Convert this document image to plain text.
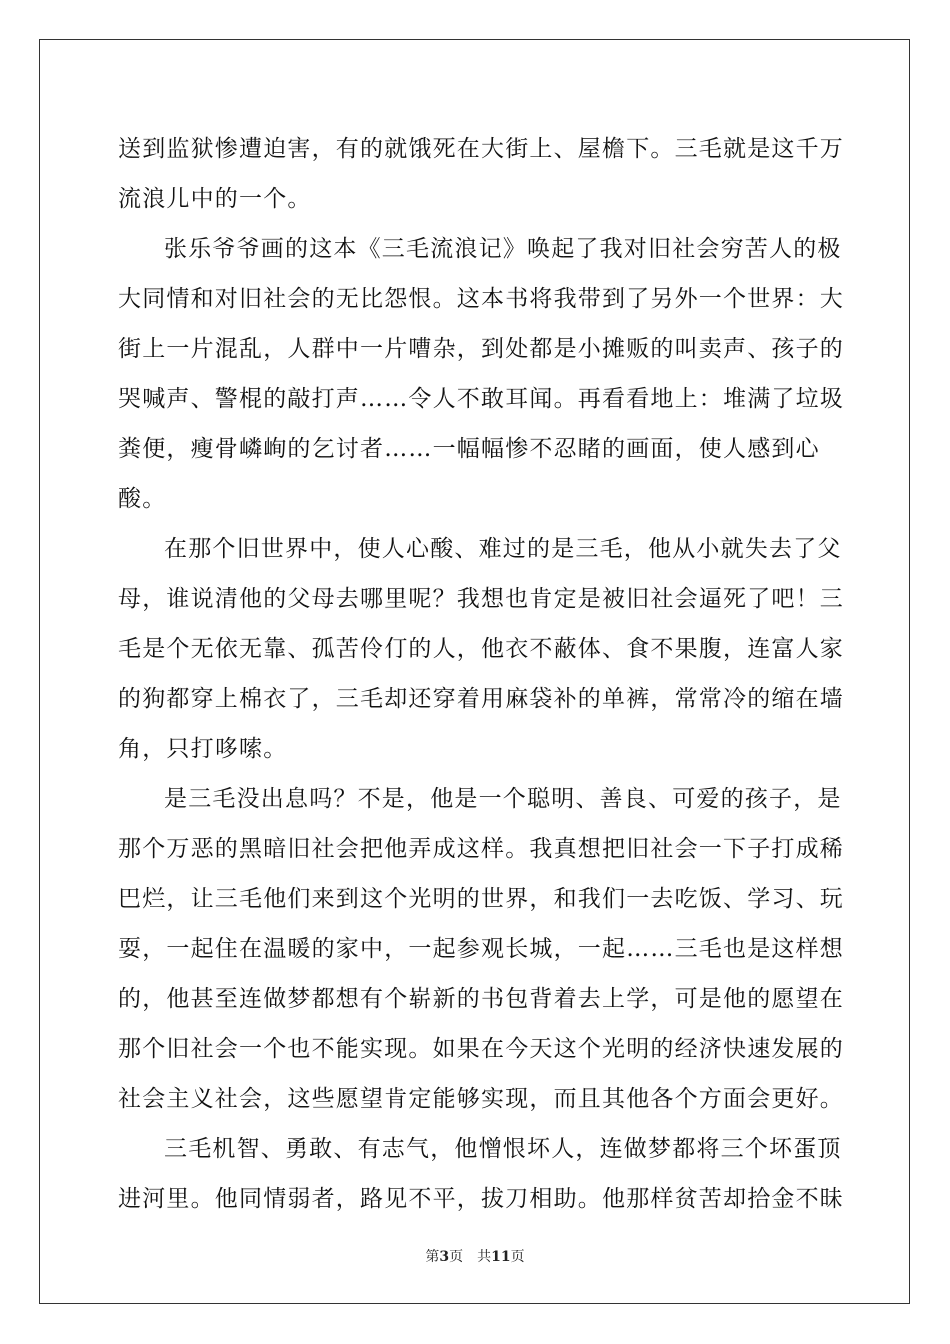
送到监狱惨遭迫害，有的就饿死在大街上、屋檐下。三毛就是这千万流浪儿中的一个。

张乐爷爷画的这本《三毛流浪记》唤起了我对旧社会穷苦人的极大同情和对旧社会的无比怨恨。这本书将我带到了另外一个世界：大街上一片混乱，人群中一片嘈杂，到处都是小摊贩的叫卖声、孩子的哭喊声、警棍的敲打声……令人不敢耳闻。再看看地上：堆满了垃圾粪便，瘦骨嶙峋的乞讨者……一幅幅惨不忍睹的画面，使人感到心酸。

在那个旧世界中，使人心酸、难过的是三毛，他从小就失去了父母，谁说清他的父母去哪里呢？我想也肯定是被旧社会逼死了吧！三毛是个无依无靠、孤苦伶仃的人，他衣不蔽体、食不果腹，连富人家的狗都穿上棉衣了，三毛却还穿着用麻袋补的单裤，常常冷的缩在墙角，只打哆嗦。

是三毛没出息吗？不是，他是一个聪明、善良、可爱的孩子，是那个万恶的黑暗旧社会把他弄成这样。我真想把旧社会一下子打成稀巴烂，让三毛他们来到这个光明的世界，和我们一去吃饭、学习、玩耍，一起住在温暖的家中，一起参观长城，一起……三毛也是这样想的，他甚至连做梦都想有个崭新的书包背着去上学，可是他的愿望在那个旧社会一个也不能实现。如果在今天这个光明的经济快速发展的社会主义社会，这些愿望肯定能够实现，而且其他各个方面会更好。

三毛机智、勇敢、有志气，他憎恨坏人，连做梦都将三个坏蛋顶进河里。他同情弱者，路见不平，拔刀相助。他那样贫苦却拾金不昧

第3页 共11页
